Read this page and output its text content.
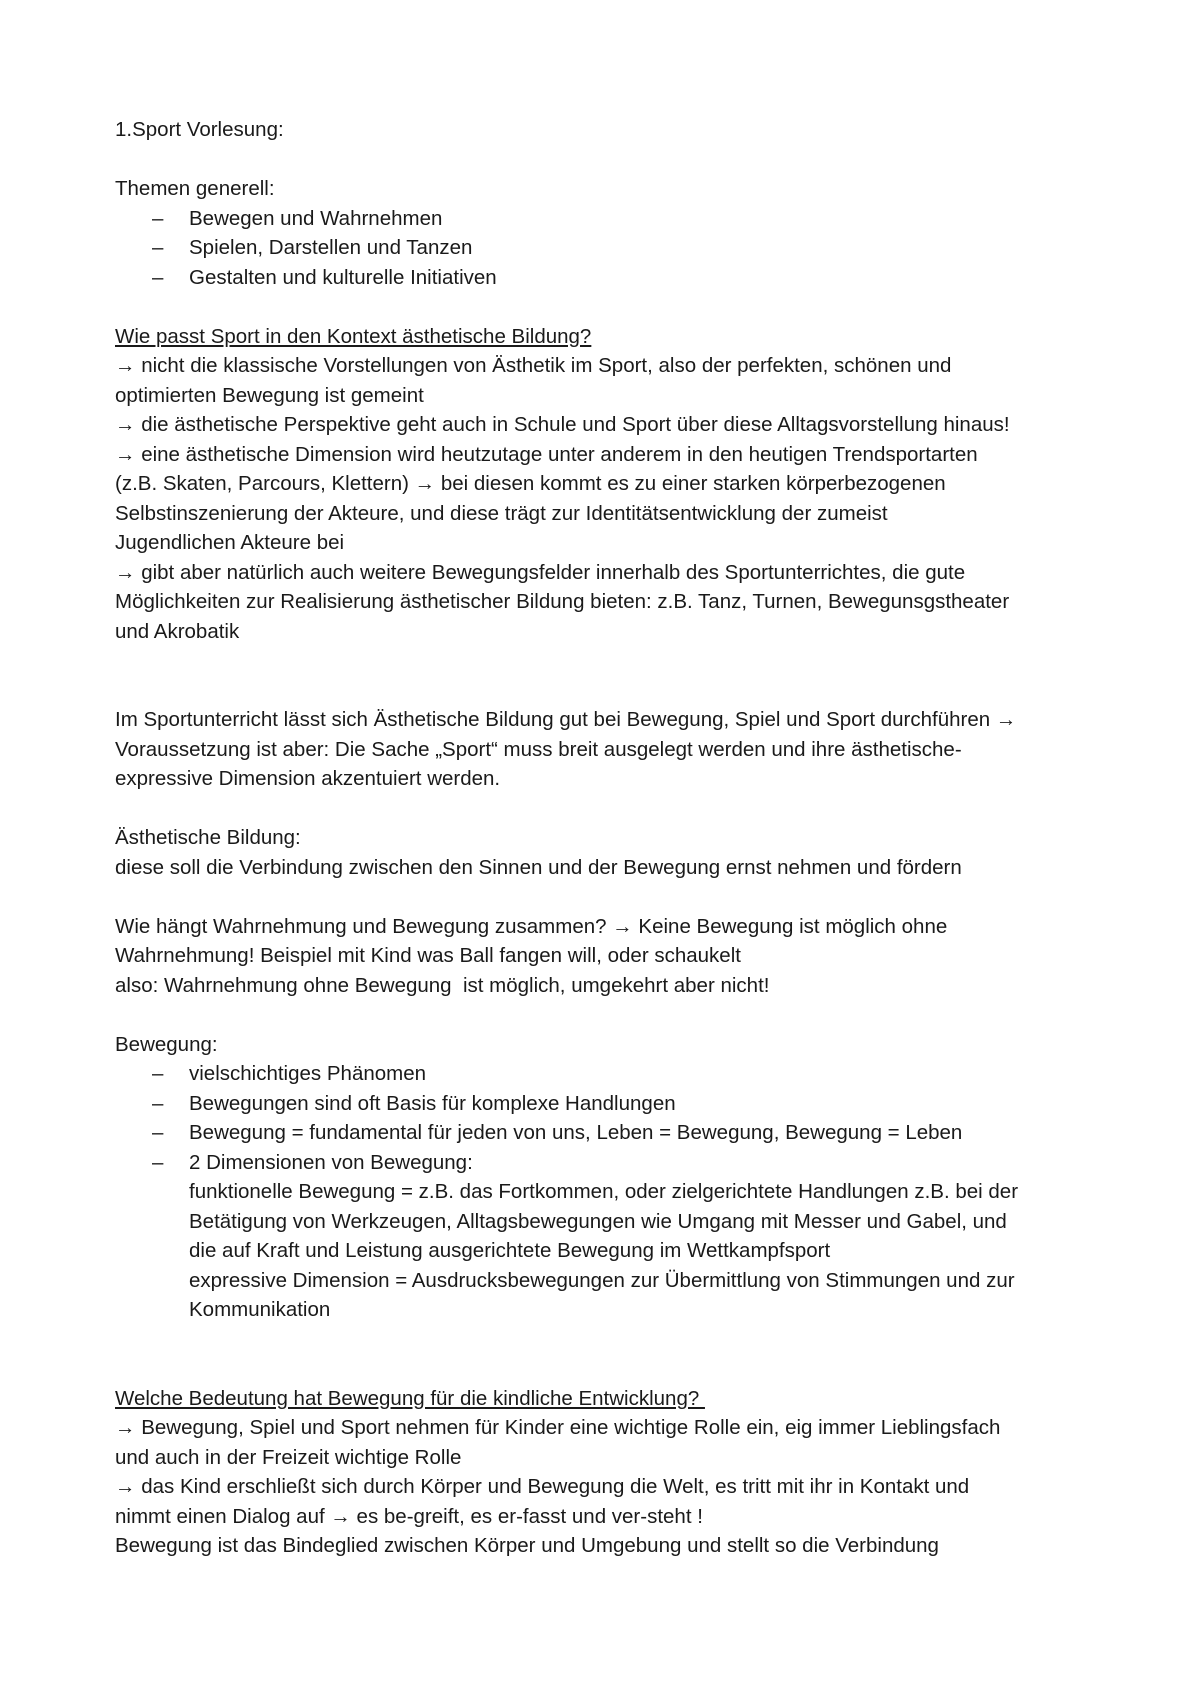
1.Sport Vorlesung:

Themen generell:

– Bewegen und Wahrnehmen
– Spielen, Darstellen und Tanzen
– Gestalten und kulturelle Initiativen

Wie passt Sport in den Kontext ästhetische Bildung?

→ nicht die klassische Vorstellungen von Ästhetik im Sport, also der perfekten, schönen und

optimierten Bewegung ist gemeint

→ die ästhetische Perspektive geht auch in Schule und Sport über diese Alltagsvorstellung hinaus!

→ eine ästhetische Dimension wird heutzutage unter anderem in den heutigen Trendsportarten

(z.B. Skaten, Parcours, Klettern) → bei diesen kommt es zu einer starken körperbezogenen

Selbstinszenierung der Akteure, und diese trägt zur Identitätsentwicklung der zumeist

Jugendlichen Akteure bei

→ gibt aber natürlich auch weitere Bewegungsfelder innerhalb des Sportunterrichtes, die gute

Möglichkeiten zur Realisierung ästhetischer Bildung bieten: z.B. Tanz, Turnen, Bewegunsgstheater

und Akrobatik

Im Sportunterricht lässt sich Ästhetische Bildung gut bei Bewegung, Spiel und Sport durchführen →

Voraussetzung ist aber: Die Sache „Sport“ muss breit ausgelegt werden und ihre ästhetische-

expressive Dimension akzentuiert werden.

Ästhetische Bildung:

diese soll die Verbindung zwischen den Sinnen und der Bewegung ernst nehmen und fördern

Wie hängt Wahrnehmung und Bewegung zusammen? → Keine Bewegung ist möglich ohne

Wahrnehmung! Beispiel mit Kind was Ball fangen will, oder schaukelt

also: Wahrnehmung ohne Bewegung  ist möglich, umgekehrt aber nicht!

Bewegung:

– vielschichtiges Phänomen
– Bewegungen sind oft Basis für komplexe Handlungen
– Bewegung = fundamental für jeden von uns, Leben = Bewegung, Bewegung = Leben
– 2 Dimensionen von Bewegung:
funktionelle Bewegung = z.B. das Fortkommen, oder zielgerichtete Handlungen z.B. bei der
Betätigung von Werkzeugen, Alltagsbewegungen wie Umgang mit Messer und Gabel, und
die auf Kraft und Leistung ausgerichtete Bewegung im Wettkampfsport
expressive Dimension = Ausdrucksbewegungen zur Übermittlung von Stimmungen und zur
Kommunikation

Welche Bedeutung hat Bewegung für die kindliche Entwicklung?

→ Bewegung, Spiel und Sport nehmen für Kinder eine wichtige Rolle ein, eig immer Lieblingsfach

und auch in der Freizeit wichtige Rolle

→ das Kind erschließt sich durch Körper und Bewegung die Welt, es tritt mit ihr in Kontakt und

nimmt einen Dialog auf → es be-greift, es er-fasst und ver-steht !

Bewegung ist das Bindeglied zwischen Körper und Umgebung und stellt so die Verbindung
